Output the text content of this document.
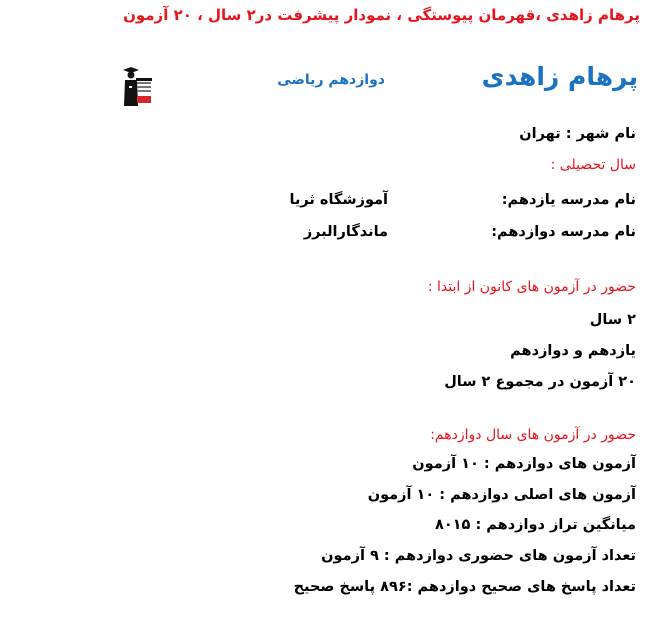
پرهام زاهدی ،قهرمان پیوستگی ، نمودار پیشرفت در۲ سال ، ۲۰ آزمون
پرهام زاهدی
دوازدهم ریاضی
نام شهر : تهران
سال تحصیلی :
نام مدرسه یازدهم:
آموزشگاه ثریا
نام مدرسه دوازدهم:
ماندگارالبرز
حضور در آزمون های کانون از ابتدا :
۲ سال
یازدهم و دوازدهم
۲۰ آزمون در مجموع ۲ سال
حضور در آزمون های سال دوازدهم:
آزمون های دوازدهم : ۱۰ آزمون
آزمون های اصلی دوازدهم : ۱۰ آزمون
میانگین تراز دوازدهم : ۸۰۱۵
تعداد آزمون های حضوری دوازدهم : ۹ آزمون
تعداد پاسخ های صحیح دوازدهم :۸۹۶ پاسخ صحیح
